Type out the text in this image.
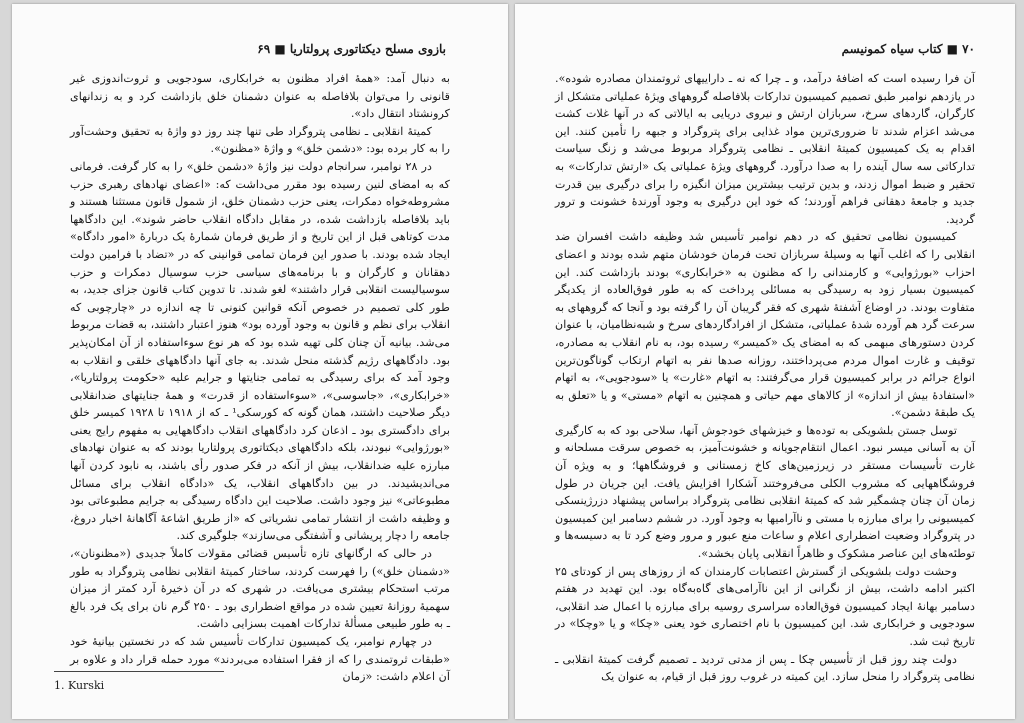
بازوی مسلح دیکتاتوری پرولتاریا ■ ۶۹

به دنبال آمد: «همهٔ افراد مظنون به خرابکاری، سودجویی و ثروت‌اندوزی غیر قانونی را می‌توان بلافاصله به عنوان دشمنان خلق بازداشت کرد و به زندانهای کرونشتاد انتقال داد».

کمیتهٔ انقلابی ـ نظامی پتروگراد طی تنها چند روز دو واژهٔ به تحقیق وحشت‌آور را به کار برده بود: «دشمن خلق» و واژهٔ «مظنون».

در ۲۸ نوامبر، سرانجام دولت نیز واژهٔ «دشمن خلق» را به کار گرفت. فرمانی که به امضای لنین رسیده بود مقرر می‌داشت که: «اعضای نهادهای رهبری حزب مشروطه‌خواه دمکرات، یعنی حزب دشمنان خلق، از شمول قانون مستثنا هستند و باید بلافاصله بازداشت شده، در مقابل دادگاه انقلاب حاضر شوند». این دادگاهها مدت کوتاهی قبل از این تاریخ و از طریق فرمان شمارهٔ یک دربارهٔ «امور دادگاه» ایجاد شده بودند. با صدور این فرمان تمامی قوانینی که در «تضاد با فرامین دولت دهقانان و کارگران و با برنامه‌های سیاسی حزب سوسیال دمکرات و حزب سوسیالیست انقلابی قرار داشتند» لغو شدند. تا تدوین کتاب قانون جزای جدید، به طور کلی تصمیم در خصوص آنکه قوانین کنونی تا چه اندازه در «چارچوبی که انقلاب برای نظم و قانون به وجود آورده بود» هنوز اعتبار داشتند، به قضات مربوط می‌شد. بیانیه آن چنان کلی تهیه شده بود که هر نوع سوءاستفاده از آن امکان‌پذیر بود. دادگاههای رژیم گذشته منحل شدند. به جای آنها دادگاههای خلقی و انقلاب به وجود آمد که برای رسیدگی به تمامی جنایتها و جرایم علیه «حکومت پرولتاریا»، «خرابکاری»، «جاسوسی»، «سوءاستفاده از قدرت» و همهٔ جنایتهای ضدانقلابی دیگر صلاحیت داشتند، همان گونه که کورسکی¹ ـ که از ۱۹۱۸ تا ۱۹۲۸ کمیسر خلق برای دادگستری بود ـ اذعان کرد دادگاههای انقلاب دادگاههایی به مفهوم رایج یعنی «بورژوایی» نبودند، بلکه دادگاههای دیکتاتوری پرولتاریا بودند که به عنوان نهادهای مبارزه علیه ضدانقلاب، بیش از آنکه در فکر صدور رأی باشند، به نابود کردن آنها می‌اندیشیدند. در بین دادگاههای انقلاب، یک «دادگاه انقلاب برای مسائل مطبوعاتی» نیز وجود داشت. صلاحیت این دادگاه رسیدگی به جرایم مطبوعاتی بود و وظیفه داشت از انتشار تمامی نشریاتی که «از طریق اشاعهٔ آگاهانهٔ اخبار دروغ، جامعه را دچار پریشانی و آشفتگی می‌سازند» جلوگیری کند.

در حالی که ارگانهای تازه تأسیس قضائی مقولات کاملاً جدیدی («مظنونان»، «دشمنان خلق») را فهرست کردند، ساختار کمیتهٔ انقلابی نظامی پتروگراد به طور مرتب استحکام بیشتری می‌یافت. در شهری که در آن ذخیرهٔ آرد کمتر از میزان سهمیهٔ روزانهٔ تعیین شده در مواقع اضطراری بود ـ ۲۵۰ گرم نان برای یک فرد بالغ ـ به طور طبیعی مسألهٔ تدارکات اهمیت بسزایی داشت.

در چهارم نوامبر، یک کمیسیون تدارکات تأسیس شد که در نخستین بیانیهٔ خود «طبقات ثروتمندی را که از فقرا استفاده می‌بردند» مورد حمله قرار داد و علاوه بر آن اعلام داشت: «زمان

1. Kurski
۷۰ ■ کتاب سیاه کمونیسم

آن فرا رسیده است که اضافهٔ درآمد، و ـ چرا که نه ـ داراییهای ثروتمندان مصادره شوده». در یازدهم نوامبر طبق تصمیم کمیسیون تدارکات بلافاصله گروههای ویژهٔ عملیاتی متشکل از کارگران، گاردهای سرخ، سربازان ارتش و نیروی دریایی به ایالاتی که در آنها غلات کشت می‌شد اعزام شدند تا ضروری‌ترین مواد غذایی برای پتروگراد و جبهه را تأمین کنند. این اقدام به یک کمیسیون کمیتهٔ انقلابی ـ نظامی پتروگراد مربوط می‌شد و زنگ سیاست تدارکاتی سه سال آینده را به صدا درآورد. گروههای ویژهٔ عملیاتی یک «ارتش تدارکات» به تحقیر و ضبط اموال زدند، و بدین ترتیب بیشترین میزان انگیزه را برای درگیری بین قدرت جدید و جامعهٔ دهقانی فراهم آوردند؛ که خود این درگیری به وجود آورندهٔ خشونت و ترور گردید.

کمیسیون نظامی تحقیق که در دهم نوامبر تأسیس شد وظیفه داشت افسران ضد انقلابی را که اغلب آنها به وسیلهٔ سربازان تحت فرمان خودشان متهم شده بودند و اعضای احزاب «بورژوایی» و کارمندانی را که مظنون به «خرابکاری» بودند بازداشت کند. این کمیسیون بسیار زود به رسیدگی به مسائلی پرداخت که به طور فوق‌العاده از یکدیگر متفاوت بودند. در اوضاع آشفتهٔ شهری که فقر گریبان آن را گرفته بود و آنجا که گروههای به سرعت گرد هم آورده شدهٔ عملیاتی، متشکل از افرادگاردهای سرخ و شبه‌نظامیان، با عنوان کردن دستورهای مبهمی که به امضای یک «کمیسر» رسیده بود، به نام انقلاب به مصادره، توقیف و غارت اموال مردم می‌پرداختند، روزانه صدها نفر به اتهام ارتکاب گوناگون‌ترین انواع جرائم در برابر کمیسیون قرار می‌گرفتند: به اتهام «غارت» یا «سودجویی»، به اتهام «استفادهٔ بیش از اندازه» از کالاهای مهم حیاتی و همچنین به اتهام «مستی» و یا «تعلق به یک طبقهٔ دشمن».

توسل جستن بلشویکی به توده‌ها و خیزشهای خودجوش آنها، سلاحی بود که به کارگیری آن به آسانی میسر نبود. اعمال انتقام‌جویانه و خشونت‌آمیز، به خصوص سرقت مسلحانه و غارت تأسیسات مستقر در زیرزمین‌های کاخ زمستانی و فروشگاهها؛ و به ویژه آن فروشگاههایی که مشروب الکلی می‌فروختند آشکارا افزایش یافت. این جریان در طول زمان آن چنان چشمگیر شد که کمیتهٔ انقلابی نظامی پتروگراد براساس پیشنهاد دزرژینسکی کمیسیونی را برای مبارزه با مستی و ناآرامیها به وجود آورد. در ششم دسامبر این کمیسیون در پتروگراد وضعیت اضطراری اعلام و ساعات منع عبور و مرور وضع کرد تا به دسیسه‌ها و توطئه‌های این عناصر مشکوک و ظاهراً انقلابی پایان بخشد».

وحشت دولت بلشویکی از گسترش اعتصابات کارمندان که از روزهای پس از کودتای ۲۵ اکتبر ادامه داشت، بیش از نگرانی از این ناآرامی‌های گاه‌به‌گاه بود. این تهدید در هفتم دسامبر بهانهٔ ایجاد کمیسیون فوق‌العاده سراسری روسیه برای مبارزه با اعمال ضد انقلابی، سودجویی و خرابکاری شد. این کمیسیون با نام اختصاری خود یعنی «چکا» و یا «وچکا» در تاریخ ثبت شد.

دولت چند روز قبل از تأسیس چکا ـ پس از مدتی تردید ـ تصمیم گرفت کمیتهٔ انقلابی ـ نظامی پتروگراد را منحل سازد. این کمیته در غروب روز قبل از قیام، به عنوان یک
